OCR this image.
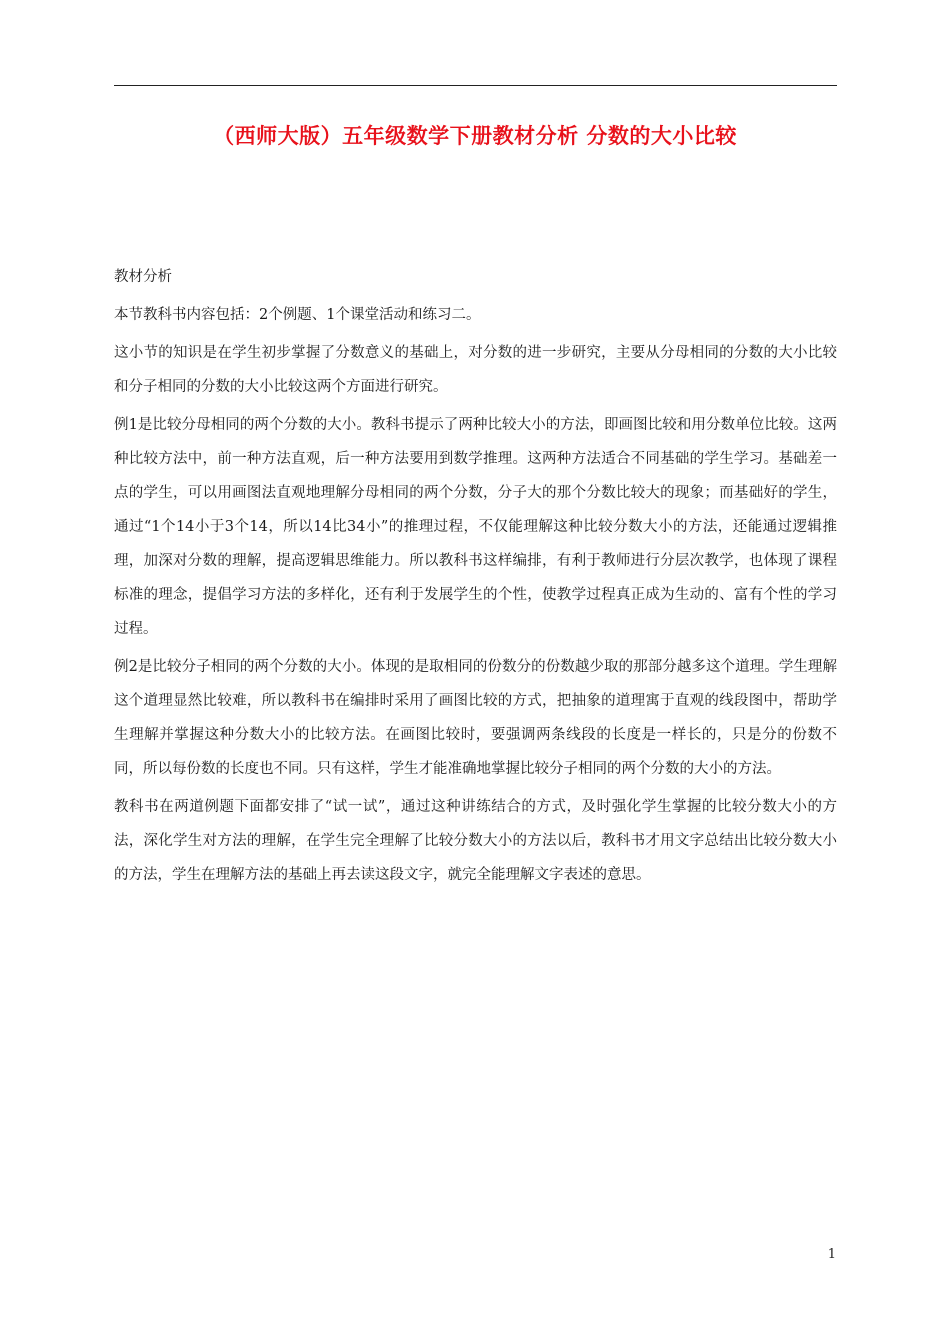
（西师大版）五年级数学下册教材分析 分数的大小比较

教材分析

本节教科书内容包括：2个例题、1个课堂活动和练习二。

这小节的知识是在学生初步掌握了分数意义的基础上，对分数的进一步研究，主要从分母相同的分数的大小比较和分子相同的分数的大小比较这两个方面进行研究。

例1是比较分母相同的两个分数的大小。教科书提示了两种比较大小的方法，即画图比较和用分数单位比较。这两种比较方法中，前一种方法直观，后一种方法要用到数学推理。这两种方法适合不同基础的学生学习。基础差一点的学生，可以用画图法直观地理解分母相同的两个分数，分子大的那个分数比较大的现象；而基础好的学生，通过“1个14小于3个14，所以14比34小”的推理过程，不仅能理解这种比较分数大小的方法，还能通过逻辑推理，加深对分数的理解，提高逻辑思维能力。所以教科书这样编排，有利于教师进行分层次教学，也体现了课程标准的理念，提倡学习方法的多样化，还有利于发展学生的个性，使教学过程真正成为生动的、富有个性的学习过程。

例2是比较分子相同的两个分数的大小。体现的是取相同的份数分的份数越少取的那部分越多这个道理。学生理解这个道理显然比较难，所以教科书在编排时采用了画图比较的方式，把抽象的道理寓于直观的线段图中，帮助学生理解并掌握这种分数大小的比较方法。在画图比较时，要强调两条线段的长度是一样长的，只是分的份数不同，所以每份数的长度也不同。只有这样，学生才能准确地掌握比较分子相同的两个分数的大小的方法。

教科书在两道例题下面都安排了“试一试”，通过这种讲练结合的方式，及时强化学生掌握的比较分数大小的方法，深化学生对方法的理解，在学生完全理解了比较分数大小的方法以后，教科书才用文字总结出比较分数大小的方法，学生在理解方法的基础上再去读这段文字，就完全能理解文字表述的意思。

1
